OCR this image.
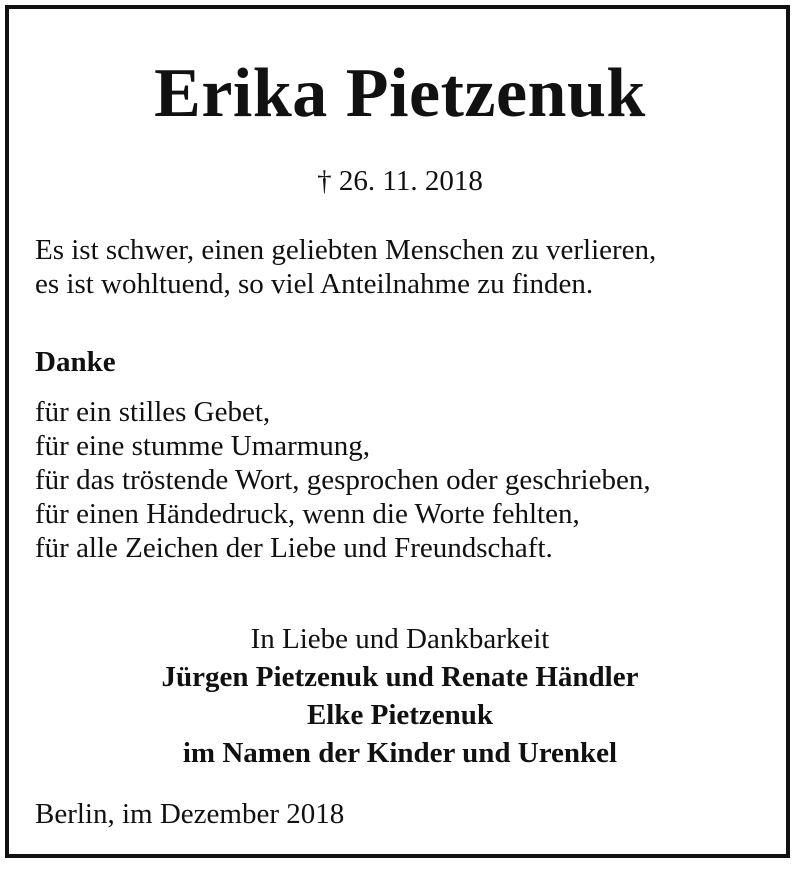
Erika Pietzenuk
† 26. 11. 2018
Es ist schwer, einen geliebten Menschen zu verlieren,
es ist wohltuend, so viel Anteilnahme zu finden.
Danke
für ein stilles Gebet,
für eine stumme Umarmung,
für das tröstende Wort, gesprochen oder geschrieben,
für einen Händedruck, wenn die Worte fehlten,
für alle Zeichen der Liebe und Freundschaft.
In Liebe und Dankbarkeit
Jürgen Pietzenuk und Renate Händler
Elke Pietzenuk
im Namen der Kinder und Urenkel
Berlin, im Dezember 2018
